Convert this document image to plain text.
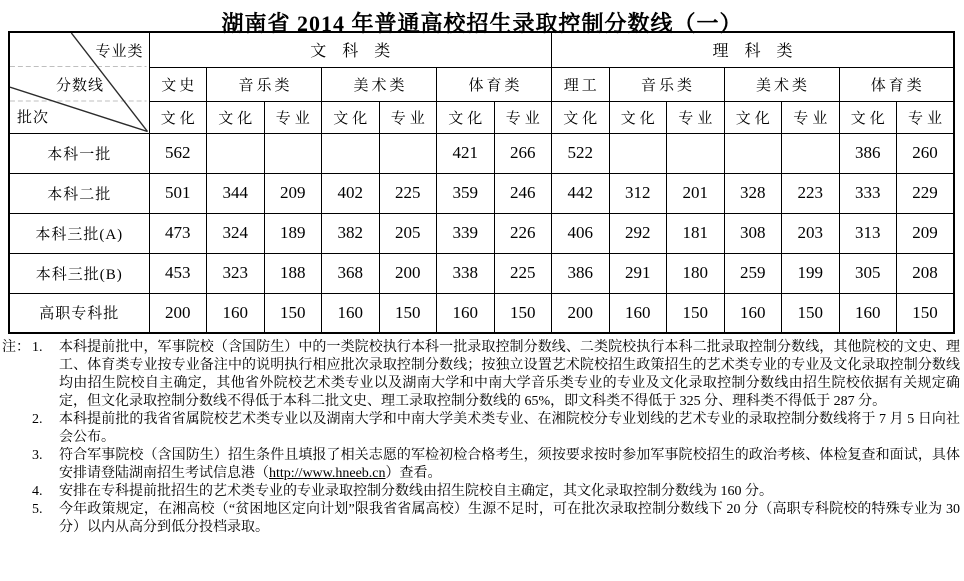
湖南省 2014 年普通高校招生录取控制分数线（一）
专业类
分数线
批次	文科类							理科类						
	文史	音乐类		美术类		体育类		理工	音乐类		美术类		体育类	
	文化	文化	专业	文化	专业	文化	专业	文化	文化	专业	文化	专业	文化	专业
本科一批	562					421	266	522					386	260
本科二批	501	344	209	402	225	359	246	442	312	201	328	223	333	229
本科三批(A)	473	324	189	382	205	339	226	406	292	181	308	203	313	209
本科三批(B)	453	323	188	368	200	338	225	386	291	180	259	199	305	208
高职专科批	200	160	150	160	150	160	150	200	160	150	160	150	160	150
注： 1. 本科提前批中，军事院校（含国防生）中的一类院校执行本科一批录取控制分数线、二类院校执行本科二批录取控制分数线，其他院校的文史、理工、体育类专业按专业备注中的说明执行相应批次录取控制分数线；按独立设置艺术院校招生政策招生的艺术类专业的专业及文化录取控制分数线均由招生院校自主确定，其他省外院校艺术类专业以及湖南大学和中南大学音乐类专业的专业及文化录取控制分数线由招生院校依据有关规定确定，但文化录取控制分数线不得低于本科二批文史、理工录取控制分数线的 65%，即文科类不得低于 325 分、理科类不得低于 287 分。
2. 本科提前批的我省省属院校艺术类专业以及湖南大学和中南大学美术类专业、在湘院校分专业划线的艺术专业的录取控制分数线将于 7 月 5 日向社会公布。
3. 符合军事院校（含国防生）招生条件且填报了相关志愿的军检初检合格考生，须按要求按时参加军事院校招生的政治考核、体检复查和面试，具体安排请登陆湖南招生考试信息港（http://www.hneeb.cn）查看。
4. 安排在专科提前批招生的艺术类专业的专业录取控制分数线由招生院校自主确定，其文化录取控制分数线为 160 分。
5. 今年政策规定，在湘高校（“贫困地区定向计划”限我省省属高校）生源不足时，可在批次录取控制分数线下 20 分（高职专科院校的特殊专业为 30 分）以内从高分到低分投档录取。
